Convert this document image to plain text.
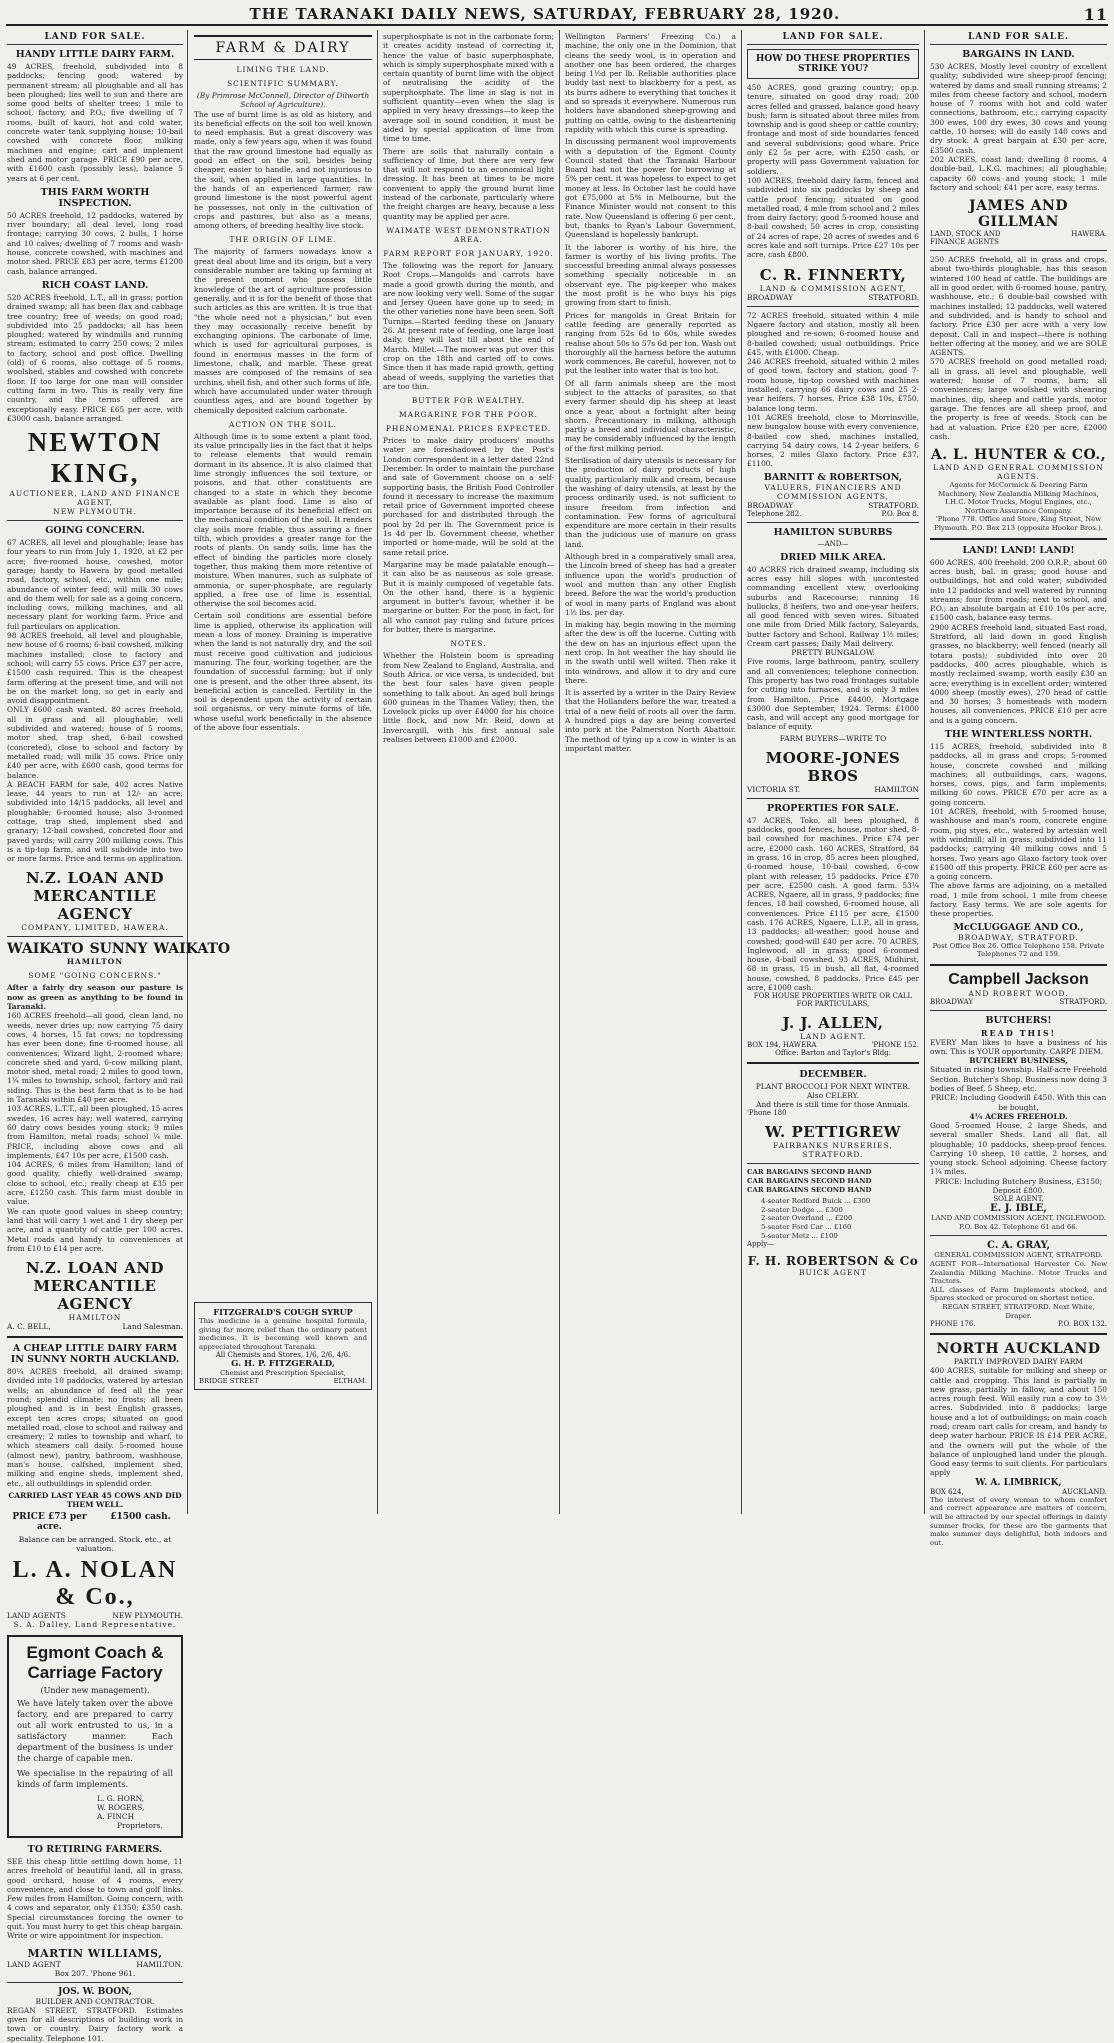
THE TARANAKI DAILY NEWS, SATURDAY, FEBRUARY 28, 1920.	11
LAND FOR SALE.
HANDY LITTLE DAIRY FARM.
49 ACRES, freehold, subdivided into 8 paddocks; fencing good; watered by permanent stream; all ploughable and all has been ploughed; lies well to sun and there are some good belts of shelter trees; 1 mile to school, factory, and P.O.; five dwelling of 7 rooms, built of kauri, hot and cold water, concrete water tank supplying house; 10-bail cowshed with concrete floor, milking machines and engine; cart and implement shed and motor garage. PRICE £90 per acre, with £1600 cash (possibly less), balance 5 years at 6 per cent.
THIS FARM WORTH INSPECTION.
50 ACRES freehold, 12 paddocks, watered by river boundary; all deal level, long road frontage; carrying 30 cows, 2 bulls, 1 horse and 10 calves; dwelling of 7 rooms and wash-house, concrete cowshed, with machines and motor shed. PRICE £83 per acre, terms £1200 cash, balance arranged.
RICH COAST LAND.
520 ACRES freehold, L.T., all in grass; portion drained swamp; all has been flax and cabbage tree country; free of weeds; on good road; subdivided into 25 paddocks; all has been ploughed; watered by windmills and running stream; estimated to carry 250 cows; 2 miles to factory, school and post office. Dwelling (old) of 6 rooms, also cottage of 5 rooms, woolshed, stables and cowshed with concrete floor. If too large for one man will consider cutting farm in two. This is really very fine country, and the terms offered are exceptionally easy. PRICE £65 per acre, with £3000 cash, balance arranged.
NEWTON KING,
AUCTIONEER, LAND AND FINANCE AGENT,
NEW PLYMOUTH.
GOING CONCERN.
67 ACRES, all level and ploughable; lease has four years to run from July 1, 1920, at £2 per acre; five-roomed house, cowshed, motor garage; handy to Hawera by good metalled road, factory, school, etc., within one mile; abundance of winter feed; will milk 30 cows and do them well; for sale as a going concern, including cows, milking machines, and all necessary plant for working farm. Price and full particulars on application.
98 ACRES freehold, all level and ploughable, new house of 6 rooms; 6-bail cowshed, milking machines installed; close to factory and school; will carry 55 cows. Price £37 per acre, £1500 cash required. This is the cheapest farm offering at the present time, and will not be on the market long, so get in early and avoid disappointment.
ONLY £600 cash wanted. 80 acres freehold, all in grass and all ploughable; well subdivided and watered; house of 5 rooms, motor shed, trap shed, 6-bail cowshed (concreted), close to school and factory by metalled road; will milk 35 cows. Price only £40 per acre, with £600 cash, good terms for balance.
A BEACH FARM for sale, 402 acres Native lease, 44 years to run at 12/- an acre; subdivided into 14/15 paddocks, all level and ploughable; 6-roomed house; also 3-roomed cottage, trap shed, implement shed and granary; 12-bail cowshed, concreted floor and paved yards; will carry 200 milking cows. This is a tip-top farm, and will subdivide into two or more farms. Price and terms on application.
N.Z. LOAN AND MERCANTILE AGENCY
COMPANY, LIMITED, HAWERA.
WAIKATO SUNNY WAIKATO
HAMILTON
SOME "GOING CONCERNS."
After a fairly dry season our pasture is now as green as anything to be found in Taranaki.
160 ACRES freehold—all good, clean land, no weeds, never dries up; now carrying 75 dairy cows, 4 horses, 15 fat cows; no topdressing has ever been done; fine 6-roomed house, all conveniences, Wizard light, 2-roomed whare; concrete shed and yard, 6-cow milking plant, motor shed, metal road; 2 miles to good town, 1¼ miles to township, school, factory and rail siding. This is the best farm that is to be had in Taranaki within £40 per acre.
103 ACRES, L.T.T., all been ploughed, 15 acres swedes, 16 acres hay; well watered, carrying 60 dairy cows besides young stock; 9 miles from Hamilton, metal roads; school ¼ mile. PRICE, including above cows and all implements, £47 10s per acre, £1500 cash.
104 ACRES, 6 miles from Hamilton; land of good quality, chiefly well-drained swamp; close to school, etc.; really cheap at £35 per acre, £1250 cash. This farm must double in value.
We can quote good values in sheep country; land that will carry 1 wet and 1 dry sheep per acre, and a quantity of cattle per 100 acres. Metal roads and handy to conveniences at from £10 to £14 per acre.
N.Z. LOAN AND MERCANTILE AGENCY
HAMILTON
A. C. BELL,	Land Salesman.
A CHEAP LITTLE DAIRY FARM IN SUNNY NORTH AUCKLAND.
80¼ ACRES freehold, all drained swamp; divided into 10 paddocks, watered by artesian wells; an abundance of feed all the year round; splendid climate; no frosts; all been ploughed and is in best English grasses, except ten acres crops; situated on good metalled road, close to school and railway and creamery; 2 miles to township and wharf, to which steamers call daily. 5-roomed house (almost new), pantry, bathroom, washhouse, man's house, calfshed, implement shed, milking and engine sheds, implement shed, etc., all outbuildings in splendid order.
CARRIED LAST YEAR 45 COWS AND DID THEM WELL.
PRICE £73 per acre.
£1500 cash.
Balance can be arranged. Stock, etc., at valuation.
L. A. NOLAN & Co.,
LAND AGENTS	NEW PLYMOUTH.
S. A. Dalley, Land Representative.
Egmont Coach & Carriage Factory
(Under new management).
We have lately taken over the above factory, and are prepared to carry out all work entrusted to us, in a satisfactory manner. Each department of the business is under the charge of capable men.
We specialise in the repairing of all kinds of farm implements.
L. G. HORN,
W. ROGERS,
A. FINCH
Proprietors.
TO RETIRING FARMERS.
SEE this cheap little settling down home, 11 acres freehold of beautiful land, all in grass, good orchard, house of 4 rooms, every convenience, and close to town and golf links. Few miles from Hamilton. Going concern, with 4 cows and separator, only £1350; £350 cash. Special circumstances forcing the owner to quit. You must hurry to get this cheap bargain. Write or wire appointment for inspection.
MARTIN WILLIAMS,
LAND AGENT	HAMILTON.
Box 207. 'Phone 961.
JOS. W. BOON,
BUILDER AND CONTRACTOR.
REGAN STREET, STRATFORD. Estimates given for all descriptions of building work in town or country. Dairy factory work a speciality. Telephone 101.
FARM & DAIRY
LIMING THE LAND.
SCIENTIFIC SUMMARY.
(By Primrose McConnell, Director of Dilworth School of Agriculture).
The use of burnt lime is as old as history, and its beneficial effects on the soil too well known to need emphasis. But a great discovery was made, only a few years ago, when it was found that the raw ground limestone had equally as good an effect on the soil, besides being cheaper, easier to handle, and not injurious to the soil, when applied in large quantities. In the hands of an experienced farmer, raw ground limestone is the most powerful agent he possesses, not only in the cultivation of crops and pastures, but also as a means, among others, of breeding healthy live stock.
THE ORIGIN OF LIME.
The majority of farmers nowadays know a great deal about lime and its origin, but a very considerable number are taking up farming at the present moment who possess little knowledge of the art of agriculture profession generally, and it is for the benefit of those that such articles as this are written. It is true that "the whole need not a physician," but even they may occasionally receive benefit by exchanging opinions. The carbonate of lime, which is used for agricultural purposes, is found in enormous masses in the form of limestone, chalk, and marble. These great masses are composed of the remains of sea urchins, shell fish, and other such forms of life, which have accumulated under water through countless ages, and are bound together by chemically deposited calcium carbonate.
ACTION ON THE SOIL.
Although lime is to some extent a plant food, its value principally lies in the fact that it helps to release elements that would remain dormant in its absence. It is also claimed that lime strongly influences the soil texture, or poisons, and that other constituents are changed to a state in which they become available as plant food. Lime is also of importance because of its beneficial effect on the mechanical condition of the soil. It renders clay soils more friable, thus assuring a finer tilth, which provides a greater range for the roots of plants. On sandy soils, lime has the effect of binding the particles more closely together, thus making them more retentive of moisture. When manures, such as sulphate of ammonia, or super-phosphate, are regularly applied, a free use of lime is essential, otherwise the soil becomes acid.
Certain soil conditions are essential before lime is applied, otherwise its application will mean a loss of money. Draining is imperative when the land is not naturally dry, and the soil must receive good cultivation and judicious manuring. The four, working together, are the foundation of successful farming; but if only one is present, and the other three absent, its beneficial action is cancelled. Fertility in the soil is dependent upon the activity of certain soil organisms, or very minute forms of life, whose useful work beneficially in the absence of the above four essentials.
FITZGERALD'S COUGH SYRUP
This medicine is a genuine hospital formula, giving far more relief than the ordinary patent medicines. It is becoming well known and appreciated throughout Taranaki.
All Chemists and Stores, 1/6, 2/6, 4/6.
G. H. P. FITZGERALD,
Chemist and Prescription Specialist,
BRIDGE STREET	ELTHAM.
superphosphate is not in the carbonate form; it creates acidity instead of correcting it, hence the value of basic superphosphate, which is simply superphosphate mixed with a certain quantity of burnt lime with the object of neutralising the acidity of the superphosphate. The lime in slag is not in sufficient quantity—even when the slag is applied in very heavy dressings—to keep the average soil in sound condition, it must be aided by special application of lime from time to time.
There are soils that naturally contain a sufficiency of lime, but there are very few that will not respond to an economical light dressing. It has been at times to be more convenient to apply the ground burnt lime instead of the carbonate, particularly where the freight charges are heavy, because a less quantity may be applied per acre.
WAIMATE WEST DEMONSTRATION AREA.
FARM REPORT FOR JANUARY, 1920.
The following was the report for January. Root Crops.—Mangolds and carrots have made a good growth during the month, and are now looking very well. Some of the sugar and Jersey Queen have gone up to seed; in the other varieties none have been seen. Soft Turnips.—Started feeding these on January 26. At present rate of feeding, one large load daily, they will last till about the end of March. Millet.—The mower was put over this crop on the 18th and carted off to cows. Since then it has made rapid growth, getting ahead of weeds, supplying the varieties that are too thin.
BUTTER FOR WEALTHY.
MARGARINE FOR THE POOR.
PHENOMENAL PRICES EXPECTED.
Prices to make dairy producers' mouths water are foreshadowed by the Post's London correspondent in a letter dated 22nd December. In order to maintain the purchase and sale of Government choose on a self-supporting basis, the British Food Controller found it necessary to increase the maximum retail price of Government imported cheese purchased for and distributed through the pool by 2d per lb. The Government price is 1s 4d per lb. Government cheese, whether imported or home-made, will be sold at the same retail price.
Margarine may be made palatable enough—it can also be as nauseous as sole grease. But it is mainly composed of vegetable fats. On the other hand, there is a hygienic argument in butter's favour, whether it be margarine or butter. For the poor, in fact, for all who cannot pay ruling and future prices for butter, there is margarine.
NOTES.
Whether the Holstein boom is spreading from New Zealand to England, Australia, and South Africa, or vice versa, is undecided, but the best four sales have given people something to talk about. An aged bull brings 600 guineas in the Thames Valley; then, the Lovelock picks up over £4000 for his choice little flock, and now Mr. Reid, down at Invercargill, with his first annual sale realises between £1000 and £2000.
Wellington Farmers' Freezing Co.) a machine, the only one in the Dominion, that cleans the seedy wool, is in operation and another one has been ordered, the charges being 1½d per lb. Reliable authorities place buddy last next to blackberry for a pest, as its burrs adhere to everything that touches it and so spreads it everywhere. Numerous run holders have abandoned sheep-growing and putting on cattle, owing to the disheartening rapidity with which this curse is spreading.
In discussing permanent wool improvements with a deputation of the Egmont County Council stated that the Taranaki Harbour Board had not the power for borrowing at 5% per cent. it was hopeless to expect to get money at less. In October last he could have got £75,000 at 5% in Melbourne, but the Finance Minister would not consent to this rate. Now Queensland is offering 6 per cent., but, thanks to Ryan's Labour Government, Queensland is hopelessly bankrupt.
It the laborer is worthy of his hire, the farmer is worthy of his living profits. The successful breeding animal always possesses something specially noticeable in an observant eye. The pig-keeper who makes the most profit is he who buys his pigs growing from start to finish.
Prices for mangolds in Great Britain for cattle feeding are generally reported as ranging from 52s 6d to 60s, while swedes realise about 50s to 57s 6d per ton. Wash out thoroughly all the harness before the autumn work commences. Be careful, however, not to put the leather into water that is too hot.
Of all farm animals sheep are the most subject to the attacks of parasites, so that every farmer should dip his sheep at least once a year, about a fortnight after being shorn. Precautionary in milking, although partly a breed and individual characteristic, may be considerably influenced by the length of the first milking period.
Sterilisation of dairy utensils is necessary for the production of dairy products of high quality, particularly milk and cream, because the washing of dairy utensils, at least by the process ordinarily used, is not sufficient to insure freedom from infection and contamination. Few forms of agricultural expenditure are more certain in their results than the judicious use of manure on grass land.
Although bred in a comparatively small area, the Lincoln breed of sheep has had a greater influence upon the world's production of wool and mutton than any other English breed. Before the war the world's production of wool in many parts of England was about 1½ lbs. per day.
In making hay, begin mowing in the morning after the dew is off the lucerne. Cutting with the dew on has an injurious effect upon the next crop. In hot weather the hay should lie in the swath until well wilted. Then rake it into windrows, and allow it to dry and cure there.
It is asserted by a writer in the Dairy Review that the Hollanders before the war, treated a trial of a new field of roots all over the farm. A hundred pigs a day are being converted into pork at the Palmerston North Abattoir. The method of tying up a cow in winter is an important matter.
LAND FOR SALE.
HOW DO THESE PROPERTIES STRIKE YOU?
450 ACRES, good grazing country; op.p. tenure, situated on good dray road; 200 acres felled and grassed, balance good heavy bush; farm is situated about three miles from township and is good sheep or cattle country; frontage and most of side boundaries fenced and several subdivisions; good whare. Price only £2 5s per acre, with £250 cash, or property will pass Government valuation for soldiers.
100 ACRES, freehold dairy farm, fenced and subdivided into six paddocks by sheep and cattle proof fencing; situated on good metalled road, 4 mile from school and 2 miles from dairy factory; good 5-roomed house and 8-bail cowshed; 50 acres in crop, consisting of 24 acres of rape, 20 acres of swedes and 6 acres kale and soft turnips. Price £27 10s per acre, cash £800.
C. R. FINNERTY,
LAND & COMMISSION AGENT,
BROADWAY	STRATFORD.
72 ACRES freehold, situated within 4 mile Ngaere factory and station, mostly all been ploughed and re-sown; 6-roomed house and 8-bailed cowshed; usual outbuildings. Price £45, with £1000. Cheap.
246 ACRES freehold, situated within 2 miles of good town, factory and station, good 7-room house, tip-top cowshed with machines installed, carrying 66 dairy cows and 25 2-year heifers, 7 horses. Price £38 10s, £750, balance long term.
101 ACRES freehold, close to Morrinsville, new bungalow house with every convenience, 8-bailed cow shed, machines installed, carrying 54 dairy cows, 14 2-year heifers, 6 horses, 2 miles Glaxo factory. Price £37, £1100.
BARNITT & ROBERTSON,
VALUERS, FINANCIERS AND COMMISSION AGENTS,
BROADWAY	STRATFORD.
Telephone 282.	P.O. Box 8.
HAMILTON SUBURBS
—AND—
DRIED MILK AREA.
40 ACRES rich drained swamp, including six acres easy hill slopes with uncontested commanding excellent view, overlooking suburbs and Racecourse; running 16 bullocks, 8 heifers, two and one-year heifers, all good fenced with seven wires. Situated one mile from Dried Milk factory, Saleyards, butter factory and School. Railway 1½ miles; Cream cart passes; Daily Mail delivery.
PRETTY BUNGALOW.
Five rooms, large bathroom, pantry, scullery and all conveniences; telephone connection. This property has two road frontages suitable for cutting into furnaces, and is only 3 miles from Hamilton. Price £4400, Mortgage £3000 due September, 1924. Terms: £1000 cash, and will accept any good mortgage for balance of equity.
FARM BUYERS—WRITE TO
MOORE-JONES BROS
VICTORIA ST.	HAMILTON
PROPERTIES FOR SALE.
47 ACRES, Toko, all been ploughed, 8 paddocks, good fences, house, motor shed, 8-bail cowshed for machines. Price £74 per acre, £2000 cash. 160 ACRES, Stratford, 84 in grass, 16 in crop, 85 acres been ploughed, 6-roomed house, 10-bail cowshed, 6-cow plant with releaser, 15 paddocks. Price £70 per acre, £2500 cash. A good farm. 53¼ ACRES, Ngaere, all in grass, 9 paddocks; fine fences, 18 bail cowshed, 6-roomed house, all conveniences. Price £115 per acre, £1500 cash. 176 ACRES, Ngaere, L.I.P., all in grass, 13 paddocks; all-weather; good house and cowshed; good-will £40 per acre. 70 ACRES, Inglewood, all in grass; good 6-roomed house, 4-bail cowshed. 93 ACRES, Midhirst, 68 in grass, 15 in bush, all flat, 4-roomed house, cowshed, 8 paddocks. Price £45 per acre, £1000 cash.
FOR HOUSE PROPERTIES WRITE OR CALL FOR PARTICULARS,
J. J. ALLEN,
LAND AGENT.
BOX 194, HAWERA	'PHONE 152.
Office: Barton and Taylor's Bldg.
DECEMBER.
PLANT BROCCOLI FOR NEXT WINTER.
Also CELERY.
And there is still time for those Annuals.
'Phone 180
W. PETTIGREW
FAIRBANKS NURSERIES,
STRATFORD.
CAR BARGAINS SECOND HAND
CAR BARGAINS SECOND HAND
CAR BARGAINS SECOND HAND
4-seater Redford Buick ... £300
2-seater Dodge ... £300
2-seater Overland ... £200
5-seater Ford Car ... £160
5-seater Metz ... £100
Apply—
F. H. ROBERTSON & Co
BUICK AGENT
LAND FOR SALE.
BARGAINS IN LAND.
530 ACRES, Mostly level country of excellent quality; subdivided wire sheep-proof fencing; watered by dams and small running streams; 2 miles from cheese factory and school, modern house of 7 rooms with hot and cold water connections, bathroom, etc.; carrying capacity 300 ewes, 100 dry ewes, 30 cows and young cattle, 10 horses; will do easily 140 cows and dry stock. A great bargain at £30 per acre, £3500 cash.
202 ACRES, coast land; dwelling 8 rooms, 4 double-bail, L.K.G. machines; all ploughable; capacity 60 cows and young stock; 1 mile factory and school; £41 per acre, easy terms.
JAMES AND GILLMAN
LAND, STOCK AND FINANCE AGENTS
HAWERA.
250 ACRES freehold, all in grass and crops, about two-thirds ploughable, has this season wintered 100 head of cattle. The buildings are all in good order, with 6-roomed house, pantry, washhouse, etc.; 6 double-bail cowshed with machines installed; 12 paddocks, well watered and subdivided, and is handy to school and factory. Price £30 per acre with a very low deposit. Call in and inspect—there is nothing better offering at the money, and we are SOLE AGENTS.
570 ACRES freehold on good metalled road; all in grass, all level and ploughable, well watered; house of 7 rooms, barn; all conveniences; large woolshed with shearing machines, dip, sheep and cattle yards, motor garage. The fences are all sheep proof, and the property is free of weeds. Stock can be had at valuation. Price £20 per acre, £2000 cash.
A. L. HUNTER & CO.,
LAND AND GENERAL COMMISSION AGENTS.
Agents for McCormick & Deering Farm Machinery, New Zealandia Milking Machines, I.H.C. Motor Trucks, Mogul Engines, etc., Northern Assurance Company.
'Phone 778. Office and Store, King Street, New Plymouth. P.O. Box 213 (opposite Hooker Bros.).
LAND! LAND! LAND!
600 ACRES, 400 freehold, 200 O.R.P., about 60 acres bush, bal. in grass; good house and outbuildings, hot and cold water; subdivided into 12 paddocks and well watered by running streams; four from roads; next to school, and P.O.; an absolute bargain at £10 10s per acre, £1500 cash, balance easy terms.
2900 ACRES freehold land, situated East road, Stratford, all laid down in good English grasses, no blackberry; well fenced (nearly all totara posts); subdivided into over 20 paddocks, 400 acres ploughable, which is mostly reclaimed swamp, worth easily £30 an acre; everything is in excellent order; wintered 4000 sheep (mostly ewes), 270 head of cattle and 30 horses; 3 homesteads with modern houses, all conveniences. PRICE £10 per acre and is a going concern.
THE WINTERLESS NORTH.
115 ACRES, freehold, subdivided into 8 paddocks, all in grass and crops; 5-roomed house, concrete cowshed and milking machines; all outbuildings, cars, wagons, horses, cows, pigs, and farm implements; milking 60 cows. PRICE £70 per acre as a going concern.
101 ACRES, freehold, with 5-roomed house, washhouse and man's room, concrete engine room, pig styes, etc., watered by artesian well with windmill; all in grass; subdivided into 11 paddocks; carrying 40 milking cows and 5 horses. Two years ago Glaxo factory took over £1500 off this property. PRICE £60 per acre as a going concern.
The above farms are adjoining, on a metalled road, 1 mile from school, 1 mile from cheese factory. Easy terms. We are sole agents for these properties.
McCLUGGAGE AND CO.,
BROADWAY, STRATFORD.
Post Office Box 26. Office Telephone 158. Private Telephones 72 and 159.
Campbell Jackson
AND ROBERT WOOD.
BROADWAY	STRATFORD.
BUTCHERS!
READ THIS!
EVERY Man likes to have a business of his own. This is YOUR opportunity. CARPE DIEM.
BUTCHERY BUSINESS,
Situated in rising township. Half-acre Freehold Section. Butcher's Shop. Business now doing 3 bodies of Beef, 5 Sheep, etc.
PRICE: Including Goodwill £450. With this can be bought,
4¼ ACRES FREEHOLD.
Good 5-roomed House, 2 large Sheds, and several smaller Sheds. Land all flat, all ploughable; 10 paddocks, sheep-proof fences. Carrying 10 sheep, 10 cattle, 2 horses, and young stock. School adjoining. Cheese factory 1¼ miles.
PRICE: Including Butchery Business, £3150; Deposit £800.
SOLE AGENT,
E. J. IBLE,
LAND AND COMMISSION AGENT, INGLEWOOD.
P.O. Box 42. Telephone 61 and 66.
C. A. GRAY,
GENERAL COMMISSION AGENT, STRATFORD.
AGENT FOR—International Harvester Co. New Zealandia Milking Machine. Motor Trucks and Tractors.
ALL classes of Farm Implements stocked, and Spares stocked or procured on shortest notice.
REGAN STREET, STRATFORD. Next White, Draper.
PHONE 176.	P.O. BOX 132.
NORTH AUCKLAND
PARTLY IMPROVED DAIRY FARM
400 ACRES, suitable for milking and sheep or cattle and cropping. This land is partially in new grass, partially in fallow, and about 150 acres rough feed. Will easily run a cow to 3½ acres. Subdivided into 8 paddocks; large house and a lot of outbuildings; on main coach road; cream cart calls for cream, and handy to deep water harbour. PRICE IS £14 PER ACRE, and the owners will put the whole of the balance of unploughed land under the plough. Good easy terms to suit clients. For particulars apply
W. A. LIMBRICK,
BOX 624,	AUCKLAND.
The interest of every woman to whom comfort and correct appearance are matters of concern, will be attracted by our special offerings in dainty summer frocks, for these are the garments that make summer days delightful, both indoors and out.
